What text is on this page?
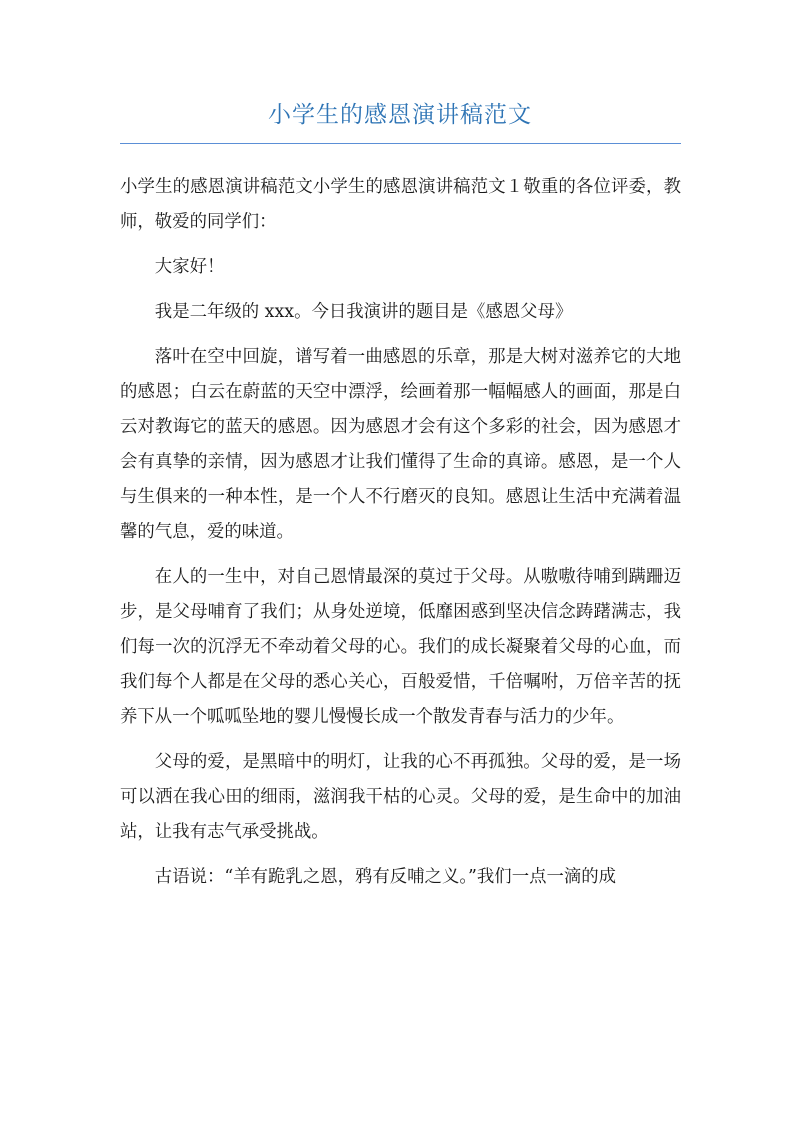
小学生的感恩演讲稿范文

小学生的感恩演讲稿范文小学生的感恩演讲稿范文１敬重的各位评委，教师，敬爱的同学们：

大家好！

我是二年级的 xxx。今日我演讲的题目是《感恩父母》

落叶在空中回旋，谱写着一曲感恩的乐章，那是大树对滋养它的大地的感恩；白云在蔚蓝的天空中漂浮，绘画着那一幅幅感人的画面，那是白云对教诲它的蓝天的感恩。因为感恩才会有这个多彩的社会，因为感恩才会有真挚的亲情，因为感恩才让我们懂得了生命的真谛。感恩，是一个人与生俱来的一种本性，是一个人不行磨灭的良知。感恩让生活中充满着温馨的气息，爱的味道。

在人的一生中，对自己恩情最深的莫过于父母。从嗷嗷待哺到蹒跚迈步，是父母哺育了我们；从身处逆境，低靡困惑到坚决信念踌躇满志，我们每一次的沉浮无不牵动着父母的心。我们的成长凝聚着父母的心血，而我们每个人都是在父母的悉心关心，百般爱惜，千倍嘱咐，万倍辛苦的抚养下从一个呱呱坠地的婴儿慢慢长成一个散发青春与活力的少年。

父母的爱，是黑暗中的明灯，让我的心不再孤独。父母的爱，是一场可以洒在我心田的细雨，滋润我干枯的心灵。父母的爱，是生命中的加油站，让我有志气承受挑战。

古语说：“羊有跪乳之恩，鸦有反哺之义。”我们一点一滴的成
